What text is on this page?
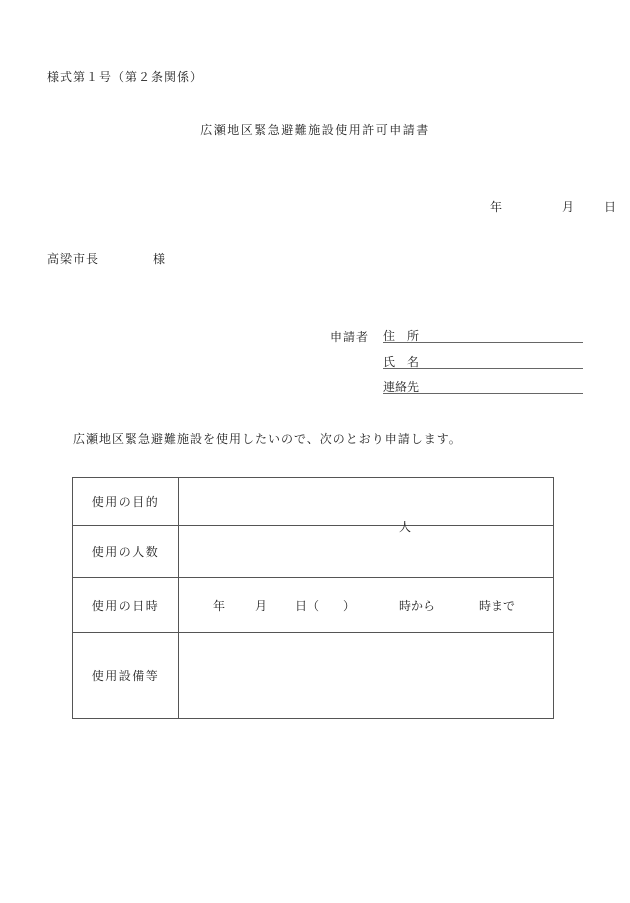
様式第１号（第２条関係）
広瀬地区緊急避難施設使用許可申請書
年	月	日
高梁市長	様
申請者 住　所
氏　名
連絡先
広瀬地区緊急避難施設を使用したいので、次のとおり申請します。
使用の目的	
使用の人数	人

使用の日時	年 月 日（ ）	時から	時まで

使用設備等	
